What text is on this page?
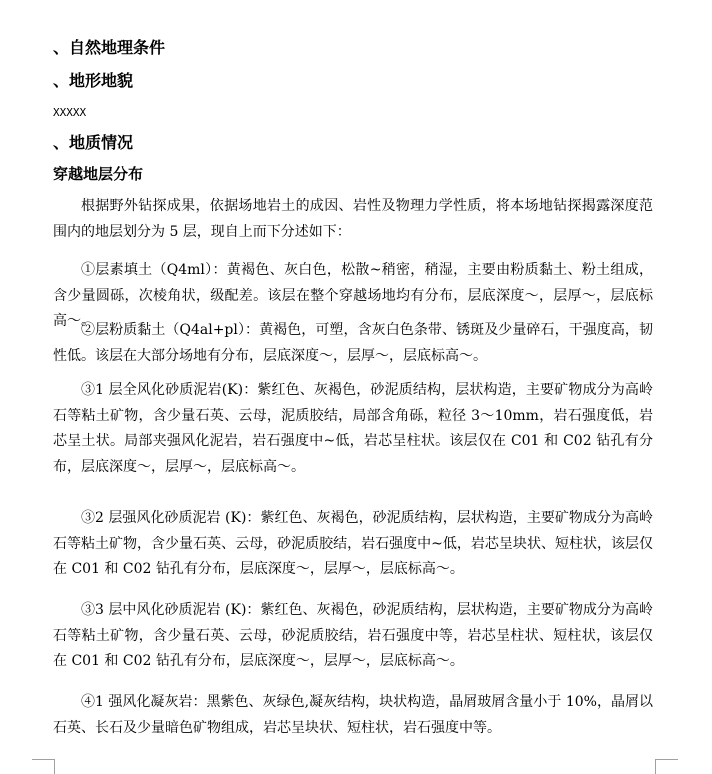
、自然地理条件
、地形地貌
XXXXX
、地质情况
穿越地层分布
根据野外钻探成果，依据场地岩土的成因、岩性及物理力学性质，将本场地钻探揭露深度范围内的地层划分为 5 层，现自上而下分述如下：
①层素填土（Q4ml）：黄褐色、灰白色，松散~稍密，稍湿，主要由粉质黏土、粉土组成，含少量圆砾，次棱角状，级配差。该层在整个穿越场地均有分布，层底深度～，层厚～，层底标高～。
②层粉质黏土（Q4al+pl）：黄褐色，可塑，含灰白色条带、锈斑及少量碎石，干强度高，韧性低。该层在大部分场地有分布，层底深度～，层厚～，层底标高～。
③1 层全风化砂质泥岩(K)：紫红色、灰褐色，砂泥质结构，层状构造，主要矿物成分为高岭石等粘土矿物，含少量石英、云母，泥质胶结，局部含角砾，粒径 3～10mm，岩石强度低，岩芯呈土状。局部夹强风化泥岩，岩石强度中~低，岩芯呈柱状。该层仅在 C01 和 C02 钻孔有分布，层底深度～，层厚～，层底标高～。
③2 层强风化砂质泥岩 (K)：紫红色、灰褐色，砂泥质结构，层状构造，主要矿物成分为高岭石等粘土矿物，含少量石英、云母，砂泥质胶结，岩石强度中~低，岩芯呈块状、短柱状，该层仅在 C01 和 C02 钻孔有分布，层底深度～，层厚～，层底标高～。
③3 层中风化砂质泥岩 (K)：紫红色、灰褐色，砂泥质结构，层状构造，主要矿物成分为高岭石等粘土矿物，含少量石英、云母，砂泥质胶结，岩石强度中等，岩芯呈柱状、短柱状，该层仅在 C01 和 C02 钻孔有分布，层底深度～，层厚～，层底标高～。
④1 强风化凝灰岩：黑紫色、灰绿色,凝灰结构，块状构造，晶屑玻屑含量小于 10%，晶屑以石英、长石及少量暗色矿物组成，岩芯呈块状、短柱状，岩石强度中等。
